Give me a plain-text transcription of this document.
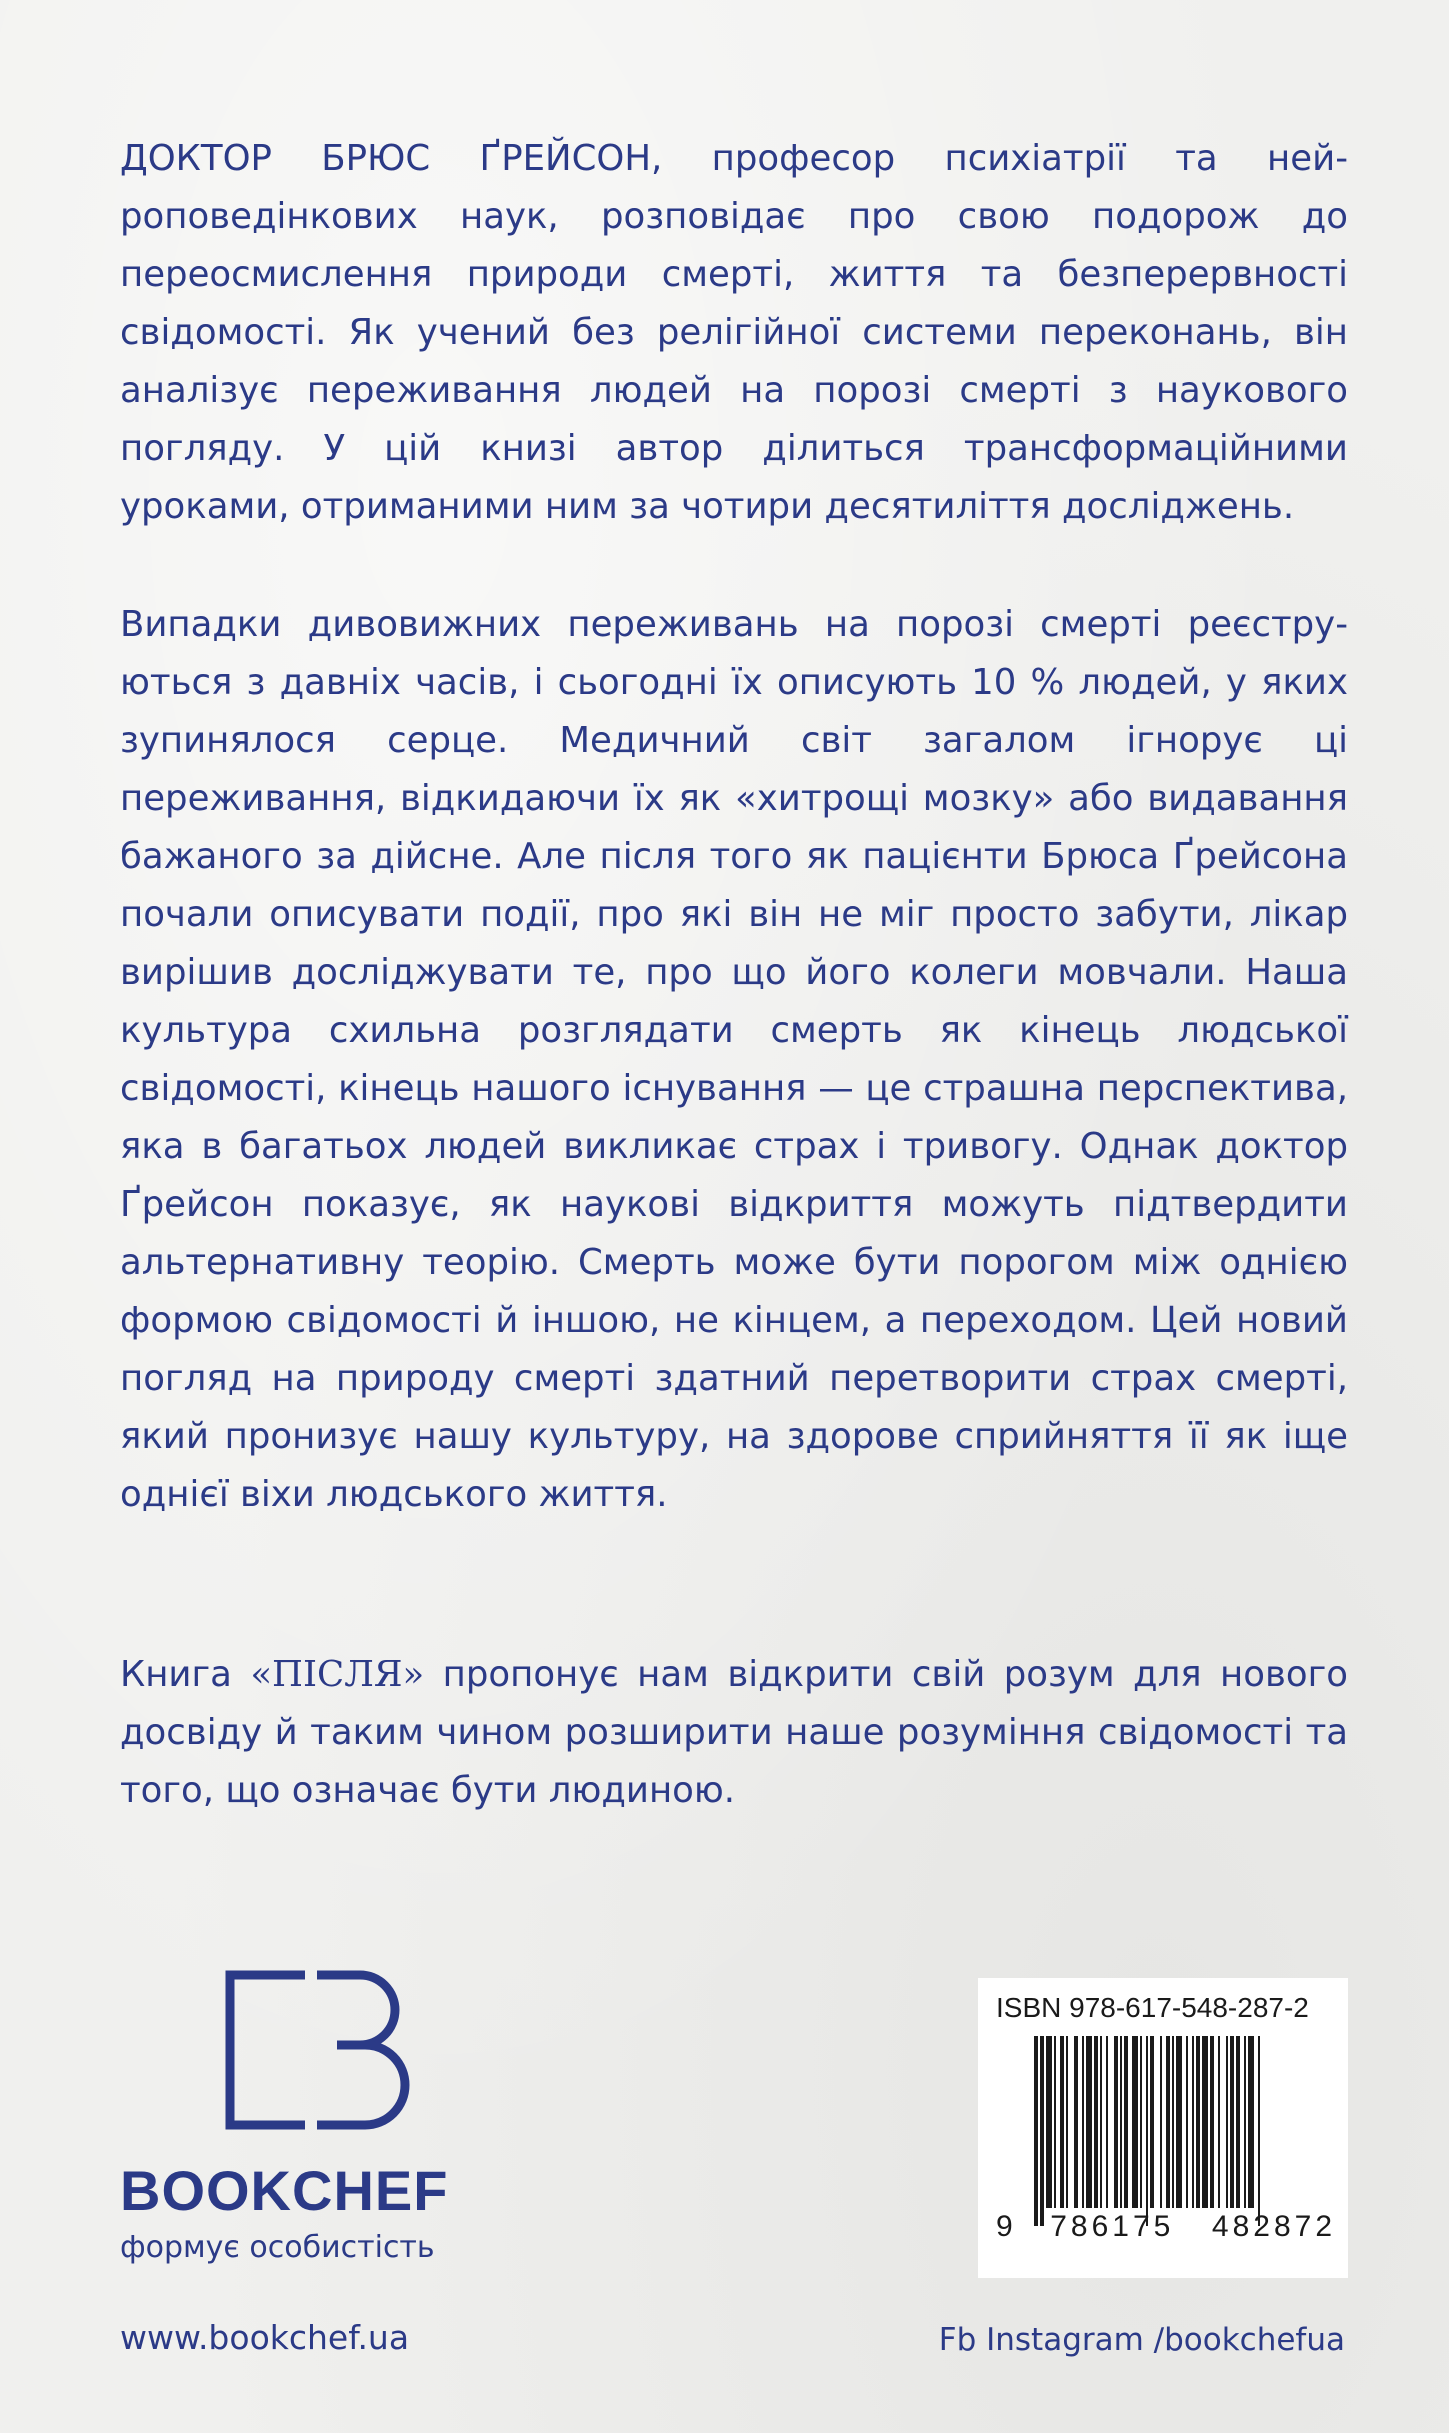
ДОКТОР БРЮС ҐРЕЙСОН, професор психіатрії та нейроповедінкових наук, розповідає про свою подорож до переосмислення природи смерті, життя та безперервності свідомості. Як учений без релігійної системи переконань, він аналізує переживання людей на порозі смерті з наукового погляду. У цій книзі автор ділиться трансформаційними уроками, отриманими ним за чотири десятиліття досліджень.

Випадки дивовижних переживань на порозі смерті реєструються з давніх часів, і сьогодні їх описують 10 % людей, у яких зупинялося серце. Медичний світ загалом ігнорує ці переживання, відкидаючи їх як «хитрощі мозку» або видавання бажаного за дійсне. Але після того як пацієнти Брюса Ґрейсона почали описувати події, про які він не міг просто забути, лікар вирішив досліджувати те, про що його колеги мовчали. Наша культура схильна розглядати смерть як кінець людської свідомості, кінець нашого існування — це страшна перспектива, яка в багатьох людей викликає страх і тривогу. Однак доктор Ґрейсон показує, як наукові відкриття можуть підтвердити альтернативну теорію. Смерть може бути порогом між однією формою свідомості й іншою, не кінцем, а переходом. Цей новий погляд на природу смерті здатний перетворити страх смерті, який пронизує нашу культуру, на здорове сприйняття її як іще однієї віхи людського життя.

Книга «ПІСЛЯ» пропонує нам відкрити свій розум для нового досвіду й таким чином розширити наше розуміння свідомості та того, що означає бути людиною.

BOOKCHEF
формує особистість
ISBN 978-617-548-287-2
9 786175 482872
www.bookchef.ua	Fb Instagram /bookchefua
